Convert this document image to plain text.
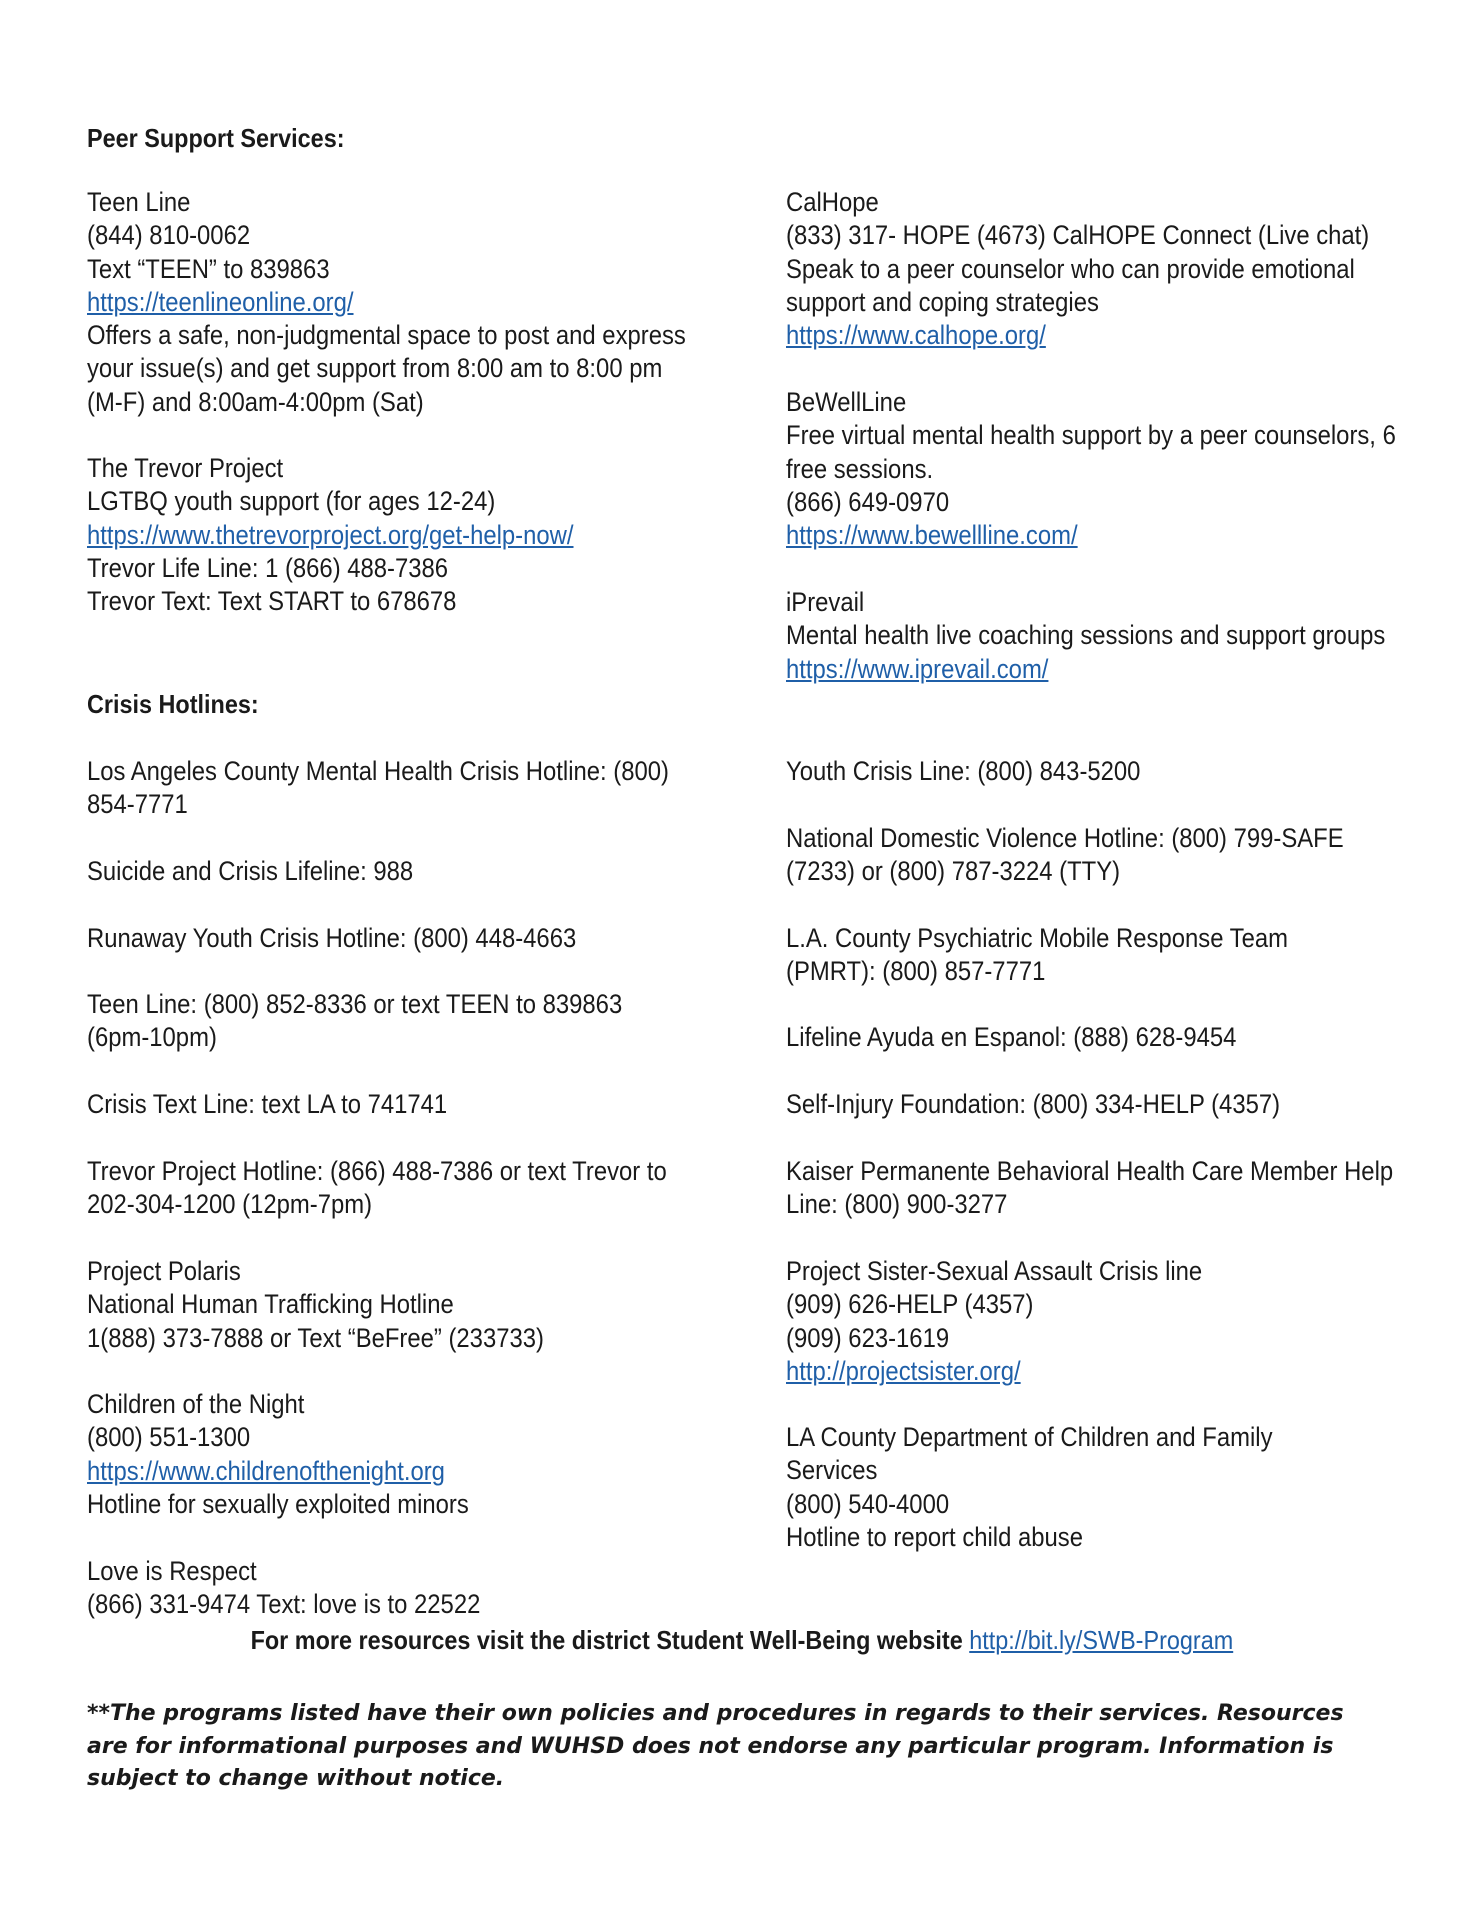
Peer Support Services:
Teen Line
(844) 810-0062
Text “TEEN” to 839863
https://teenlineonline.org/
Offers a safe, non-judgmental space to post and express
your issue(s) and get support from 8:00 am to 8:00 pm
(M-F) and 8:00am-4:00pm (Sat)
The Trevor Project
LGTBQ youth support (for ages 12-24)
https://www.thetrevorproject.org/get-help-now/
Trevor Life Line: 1 (866) 488-7386
Trevor Text: Text START to 678678
CalHope
(833) 317- HOPE (4673) CalHOPE Connect (Live chat)
Speak to a peer counselor who can provide emotional
support and coping strategies
https://www.calhope.org/
BeWellLine
Free virtual mental health support by a peer counselors, 6
free sessions.
(866) 649-0970
https://www.bewellline.com/
iPrevail
Mental health live coaching sessions and support groups
https://www.iprevail.com/
Crisis Hotlines:
Los Angeles County Mental Health Crisis Hotline: (800)
854-7771
Suicide and Crisis Lifeline: 988
Runaway Youth Crisis Hotline: (800) 448-4663
Teen Line: (800) 852-8336 or text TEEN to 839863
(6pm-10pm)
Crisis Text Line: text LA to 741741
Trevor Project Hotline: (866) 488-7386 or text Trevor to
202-304-1200 (12pm-7pm)
Project Polaris
National Human Trafficking Hotline
1(888) 373-7888 or Text “BeFree” (233733)
Children of the Night
(800) 551-1300
https://www.childrenofthenight.org
Hotline for sexually exploited minors
Love is Respect
(866) 331-9474 Text: love is to 22522
Youth Crisis Line: (800) 843-5200
National Domestic Violence Hotline: (800) 799-SAFE
(7233) or (800) 787-3224 (TTY)
L.A. County Psychiatric Mobile Response Team
(PMRT): (800) 857-7771
Lifeline Ayuda en Espanol: (888) 628-9454
Self-Injury Foundation: (800) 334-HELP (4357)
Kaiser Permanente Behavioral Health Care Member Help
Line: (800) 900-3277
Project Sister-Sexual Assault Crisis line
(909) 626-HELP (4357)
(909) 623-1619
http://projectsister.org/
LA County Department of Children and Family
Services
(800) 540-4000
Hotline to report child abuse
For more resources visit the district Student Well-Being website http://bit.ly/SWB-Program
**The programs listed have their own policies and procedures in regards to their services. Resources are for informational purposes and WUHSD does not endorse any particular program. Information is subject to change without notice.
